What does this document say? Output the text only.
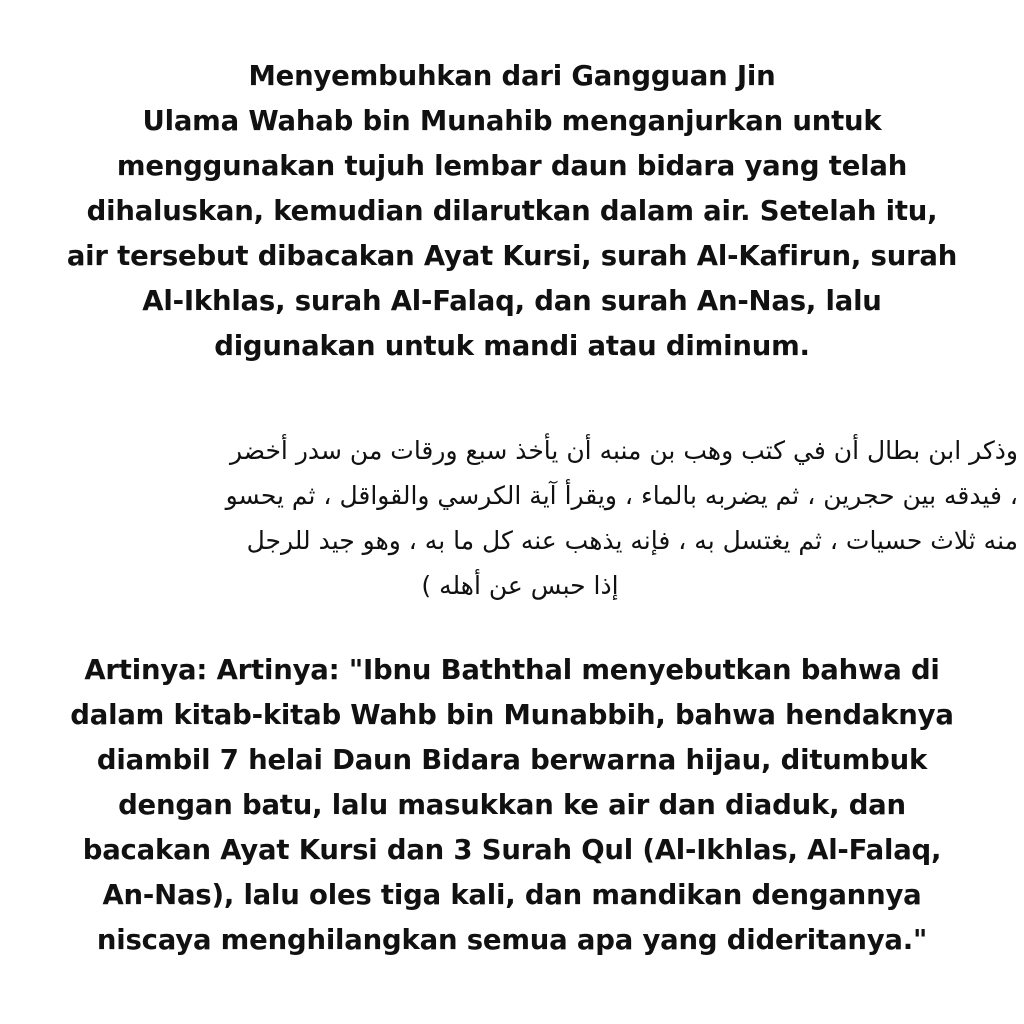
Menyembuhkan dari Gangguan Jin
Ulama Wahab bin Munahib menganjurkan untuk
menggunakan tujuh lembar daun bidara yang telah
dihaluskan, kemudian dilarutkan dalam air. Setelah itu,
air tersebut dibacakan Ayat Kursi, surah Al-Kafirun, surah
Al-Ikhlas, surah Al-Falaq, dan surah An-Nas, lalu
digunakan untuk mandi atau diminum.
وذكر ابن بطال أن في كتب وهب بن منبه أن يأخذ سبع ورقات من سدر أخضر
، فيدقه بين حجرين ، ثم يضربه بالماء ، ويقرأ آية الكرسي والقواقل ، ثم يحسو
منه ثلاث حسيات ، ثم يغتسل به ، فإنه يذهب عنه كل ما به ، وهو جيد للرجل
إذا حبس عن أهله )
Artinya: Artinya: "Ibnu Baththal menyebutkan bahwa di
dalam kitab-kitab Wahb bin Munabbih, bahwa hendaknya
diambil 7 helai Daun Bidara berwarna hijau, ditumbuk
dengan batu, lalu masukkan ke air dan diaduk, dan
bacakan Ayat Kursi dan 3 Surah Qul (Al-Ikhlas, Al-Falaq,
An-Nas), lalu oles tiga kali, dan mandikan dengannya
niscaya menghilangkan semua apa yang dideritanya."
